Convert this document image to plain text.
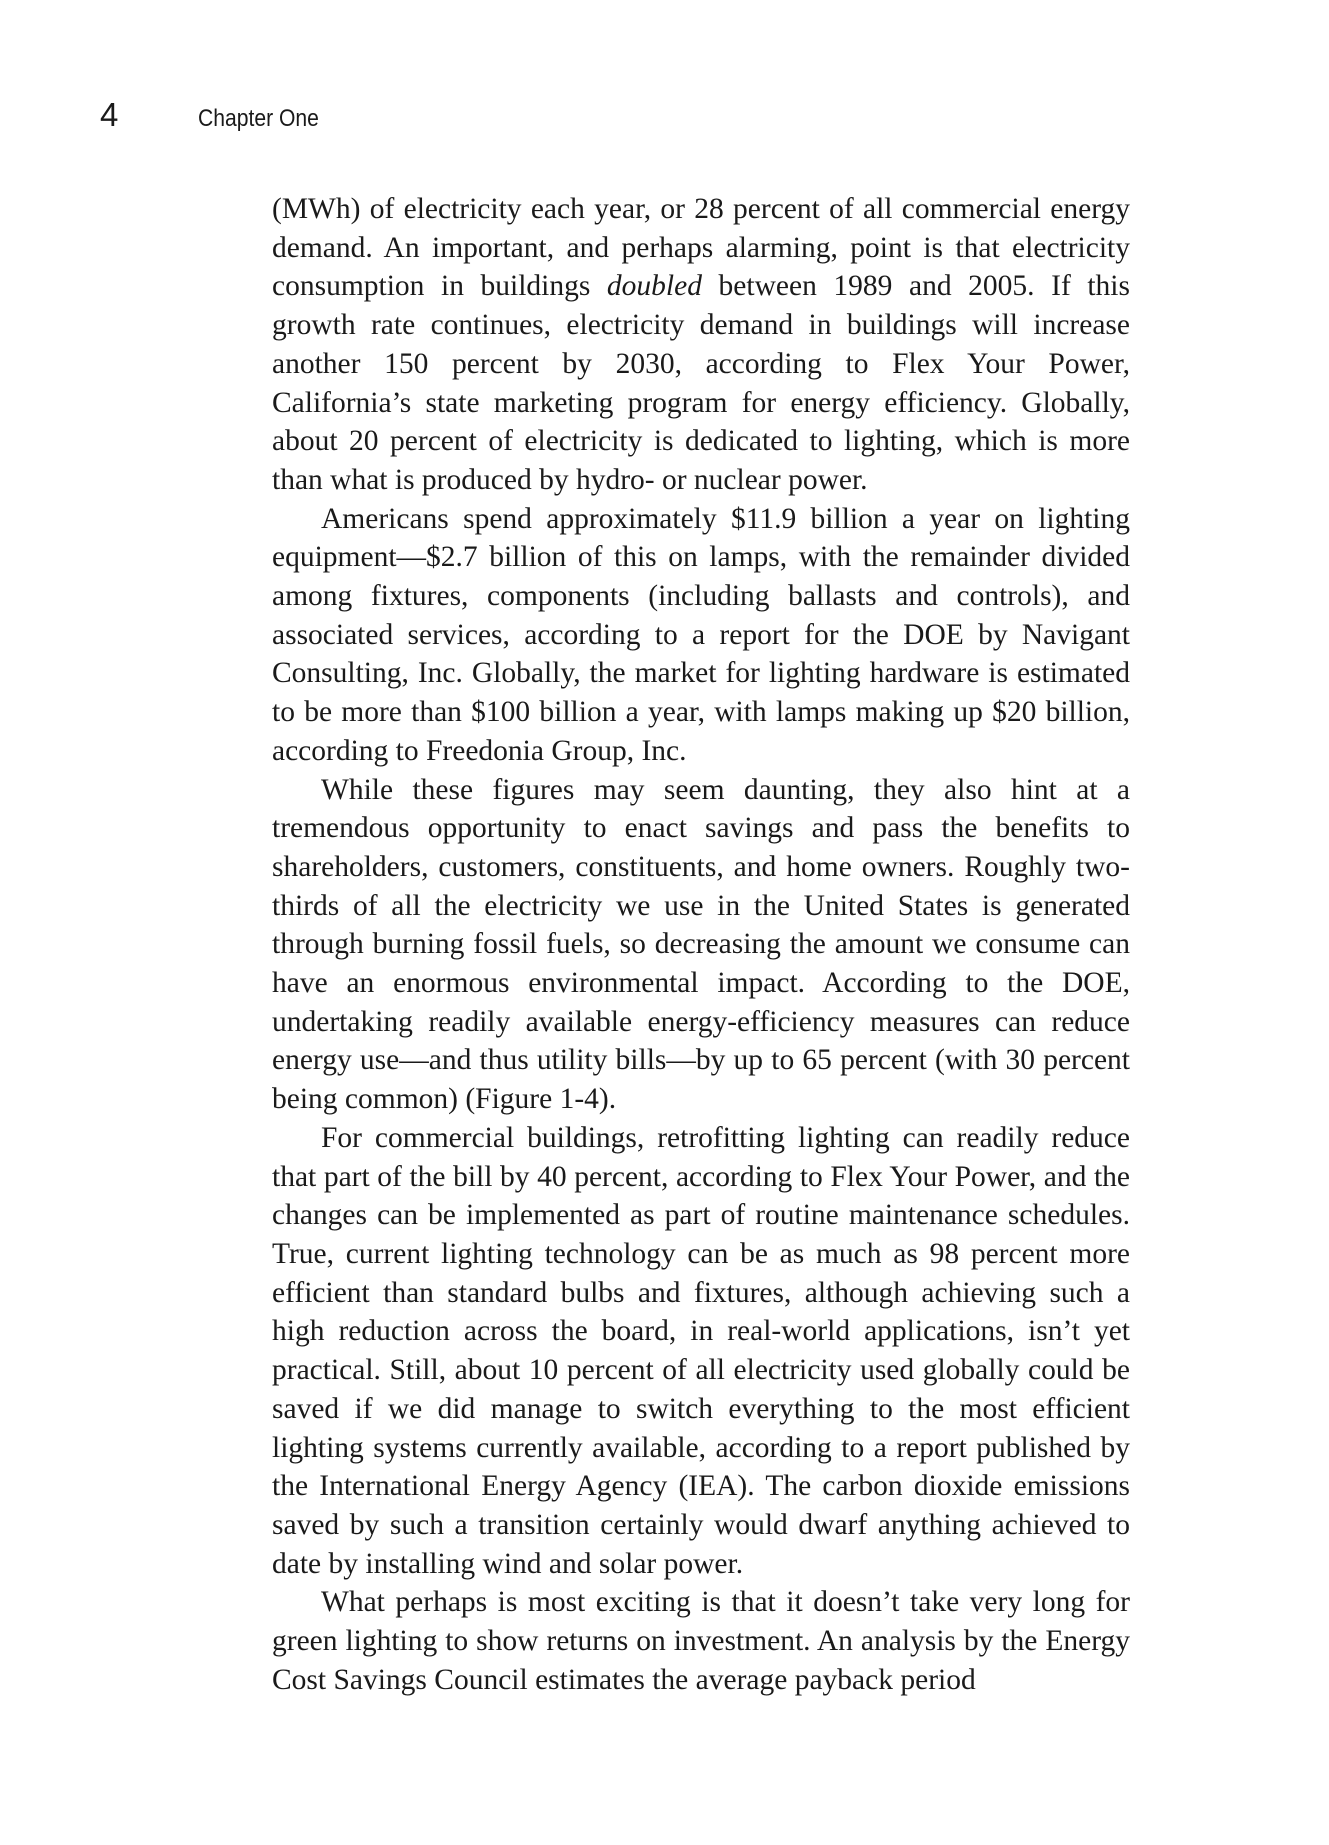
4	Chapter One

(MWh) of electricity each year, or 28 percent of all commercial energy demand. An important, and perhaps alarming, point is that electricity consumption in buildings doubled between 1989 and 2005. If this growth rate continues, electricity demand in buildings will increase another 150 percent by 2030, according to Flex Your Power, California’s state marketing program for energy efficiency. Globally, about 20 percent of electricity is dedicated to lighting, which is more than what is produced by hydro- or nuclear power.

Americans spend approximately $11.9 billion a year on lighting equipment—$2.7 billion of this on lamps, with the remainder divided among fixtures, components (including ballasts and controls), and associated services, according to a report for the DOE by Navigant Consulting, Inc. Globally, the market for lighting hardware is estimated to be more than $100 billion a year, with lamps making up $20 billion, according to Freedonia Group, Inc.

While these figures may seem daunting, they also hint at a tremendous opportunity to enact savings and pass the benefits to shareholders, customers, constituents, and home owners. Roughly two-thirds of all the electricity we use in the United States is generated through burning fossil fuels, so decreasing the amount we consume can have an enormous environmental impact. According to the DOE, undertaking readily available energy-efficiency measures can reduce energy use—and thus utility bills—by up to 65 percent (with 30 percent being common) (Figure 1-4).

For commercial buildings, retrofitting lighting can readily reduce that part of the bill by 40 percent, according to Flex Your Power, and the changes can be implemented as part of routine maintenance schedules. True, current lighting technology can be as much as 98 percent more efficient than standard bulbs and fixtures, although achieving such a high reduction across the board, in real-world applications, isn’t yet practical. Still, about 10 percent of all electricity used globally could be saved if we did manage to switch everything to the most efficient lighting systems currently available, according to a report published by the International Energy Agency (IEA). The carbon dioxide emissions saved by such a transition certainly would dwarf anything achieved to date by installing wind and solar power.

What perhaps is most exciting is that it doesn’t take very long for green lighting to show returns on investment. An analysis by the Energy Cost Savings Council estimates the average payback period
